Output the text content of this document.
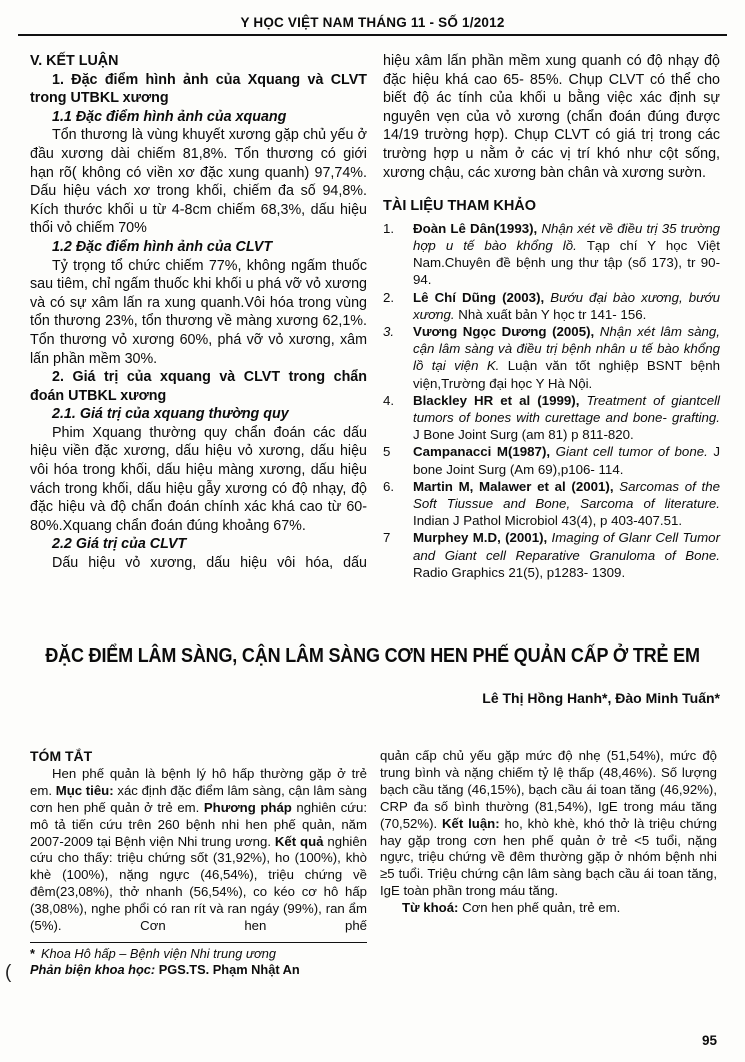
Y HỌC VIỆT NAM THÁNG 11 - SỐ 1/2012
V. KẾT LUẬN
1. Đặc điểm hình ảnh của Xquang và CLVT trong UTBKL xương
1.1 Đặc điểm hình ảnh của xquang

Tổn thương là vùng khuyết xương gặp chủ yếu ở đầu xương dài chiếm 81,8%. Tổn thương có giới hạn rõ( không có viền xơ đặc xung quanh) 97,74%. Dấu hiệu vách xơ trong khối, chiếm đa số 94,8%. Kích thước khối u từ 4-8cm chiếm 68,3%, dấu hiệu thổi vỏ chiếm 70%

1.2 Đặc điểm hình ảnh của CLVT

Tỷ trọng tổ chức chiếm 77%, không ngấm thuốc sau tiêm, chỉ ngấm thuốc khi khối u phá vỡ vỏ xương và có sự xâm lấn ra xung quanh.Vôi hóa trong vùng tổn thương 23%, tổn thương về màng xương 62,1%. Tổn thương vỏ xương 60%, phá vỡ vỏ xương, xâm lấn phần mềm 30%.

2. Giá trị của xquang và CLVT trong chẩn đoán UTBKL xương
2.1. Giá trị của xquang thường quy

Phim Xquang thường quy chẩn đoán các dấu hiệu viền đặc xương, dấu hiệu vỏ xương, dấu hiệu vôi hóa trong khối, dấu hiệu màng xương, dấu hiệu vách trong khối, dấu hiệu gẫy xương có độ nhạy, độ đặc hiệu và độ chẩn đoán chính xác khá cao từ 60-80%.Xquang chẩn đoán đúng khoảng 67%.

2.2 Giá trị của CLVT

Dấu hiệu vỏ xương, dấu hiệu vôi hóa, dấu

hiệu xâm lấn phần mềm xung quanh có độ nhạy độ đặc hiệu khá cao 65- 85%. Chụp CLVT có thể cho biết độ ác tính của khối u bằng việc xác định sự nguyên vẹn của vỏ xương (chẩn đoán đúng được 14/19 trường hợp). Chụp CLVT có giá trị trong các trường hợp u nằm ở các vị trí khó như cột sống, xương chậu, các xương bàn chân và xương sườn.

TÀI LIỆU THAM KHẢO
1.	Đoàn Lê Dân(1993), Nhận xét về điều trị 35 trường hợp u tế bào khổng lồ. Tạp chí Y học Việt Nam.Chuyên đề bệnh ung thư tập (số 173), tr 90-94.
2.	Lê Chí Dũng (2003), Bướu đại bào xương, bướu xương. Nhà xuất bản Y học tr 141- 156.
3.	Vương Ngọc Dương (2005), Nhận xét lâm sàng, cận lâm sàng và điều trị bệnh nhân u tế bào khổng lồ tại viện K. Luận văn tốt nghiệp BSNT bệnh viện,Trường đại học Y Hà Nội.
4.	Blackley HR et al (1999), Treatment of giantcell tumors of bones with curettage and bone- grafting. J Bone Joint Surg (am 81) p 811-820.
5	Campanacci M(1987), Giant cell tumor of bone. J bone Joint Surg (Am 69),p106- 114.
6.	Martin M, Malawer et al (2001), Sarcomas of the Soft Tiussue and Bone, Sarcoma of literature. Indian J Pathol Microbiol 43(4), p 403-407.51.
7	Murphey M.D, (2001), Imaging of Glanr Cell Tumor and Giant cell Reparative Granuloma of Bone. Radio Graphics 21(5), p1283- 1309.
ĐẶC ĐIỂM LÂM SÀNG, CẬN LÂM SÀNG CƠN HEN PHẾ QUẢN CẤP Ở TRẺ EM
Lê Thị Hồng Hanh*, Đào Minh Tuấn*
TÓM TẮT

Hen phế quản là bệnh lý hô hấp thường gặp ở trẻ em. Mục tiêu: xác định đặc điểm lâm sàng, cận lâm sàng cơn hen phế quản ở trẻ em. Phương pháp nghiên cứu: mô tả tiến cứu trên 260 bệnh nhi hen phế quản, năm 2007-2009 tại Bệnh viện Nhi trung ương. Kết quả nghiên cứu cho thấy: triệu chứng sốt (31,92%), ho (100%), khò khè (100%), nặng ngực (46,54%), triệu chứng về đêm(23,08%), thở nhanh (56,54%), co kéo cơ hô hấp (38,08%), nghe phổi có ran rít và ran ngáy (99%), ran ẩm (5%). Cơn hen phế

* Khoa Hô hấp – Bệnh viện Nhi trung ương
Phản biện khoa học: PGS.TS. Phạm Nhật An

quản cấp chủ yếu gặp mức độ nhẹ (51,54%), mức độ trung bình và nặng chiếm tỷ lệ thấp (48,46%). Số lượng bạch cầu tăng (46,15%), bạch cầu ái toan tăng (46,92%), CRP đa số bình thường (81,54%), IgE trong máu tăng (70,52%). Kết luận: ho, khò khè, khó thở là triệu chứng hay gặp trong cơn hen phế quản ở trẻ <5 tuổi, nặng ngực, triệu chứng về đêm thường gặp ở nhóm bệnh nhi ≥5 tuổi. Triệu chứng cận lâm sàng bạch cầu ái toan tăng, IgE toàn phần trong máu tăng.

Từ khoá: Cơn hen phế quản, trẻ em.

(
95
